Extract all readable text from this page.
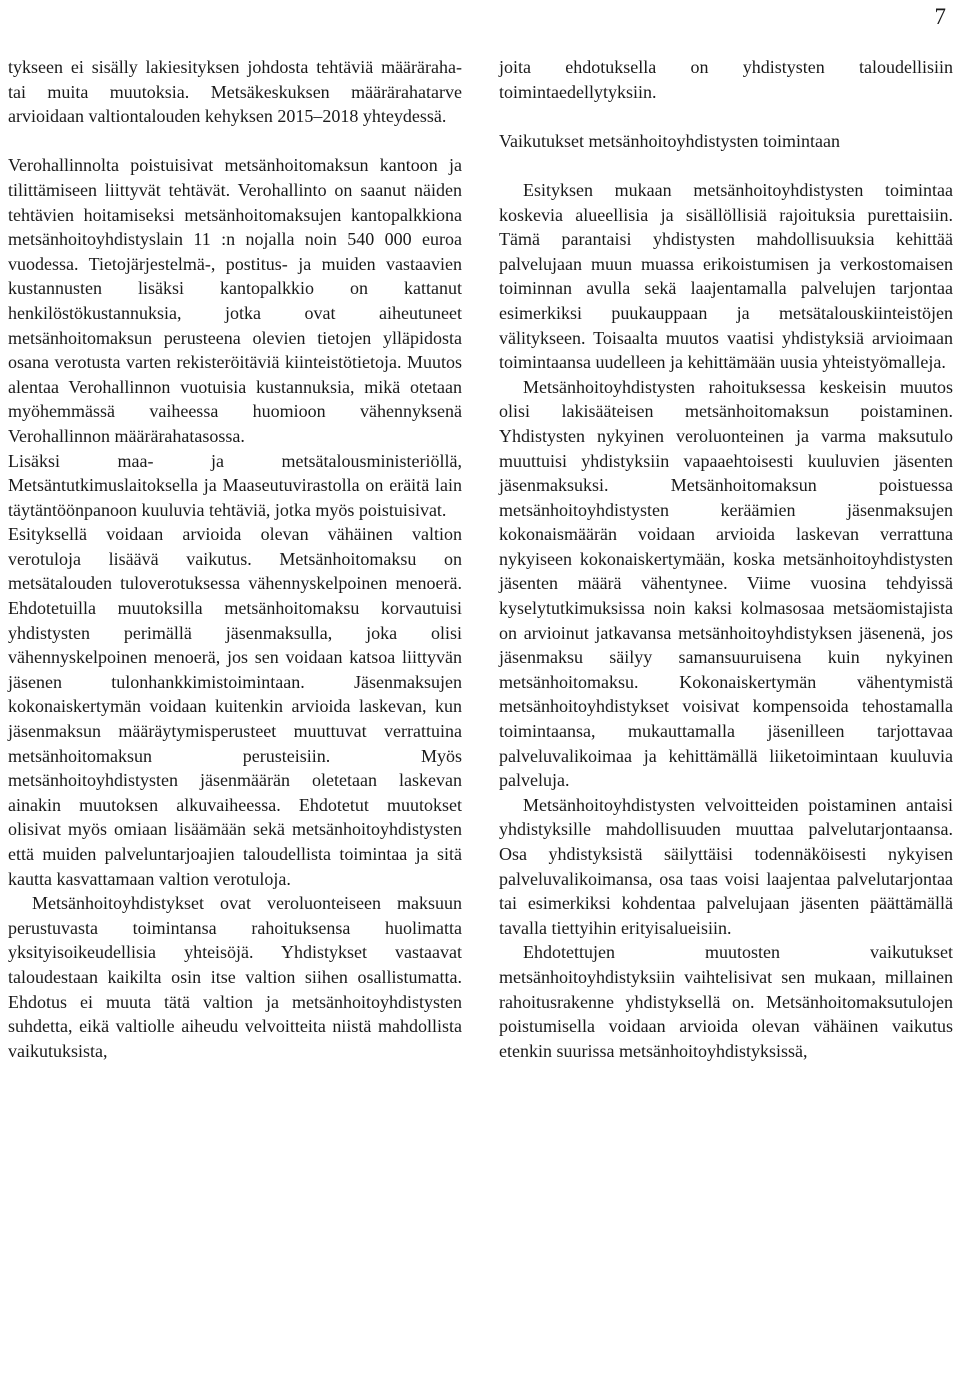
7

tykseen ei sisälly lakiesityksen johdosta tehtäviä määräraha- tai muita muutoksia. Metsäkeskuksen määrärahatarve arvioidaan valtiontalouden kehyksen 2015–2018 yhteydessä.

Verohallinnolta poistuisivat metsänhoitomaksun kantoon ja tilittämiseen liittyvät tehtävät. Verohallinto on saanut näiden tehtävien hoitamiseksi metsänhoitomaksujen kantopalkkiona metsänhoitoyhdistyslain 11 :n nojalla noin 540 000 euroa vuodessa. Tietojärjestelmä-, postitus- ja muiden vastaavien kustannusten lisäksi kantopalkkio on kattanut henkilöstökustannuksia, jotka ovat aiheutuneet metsänhoitomaksun perusteena olevien tietojen ylläpidosta osana verotusta varten rekisteröitäviä kiinteistötietoja. Muutos alentaa Verohallinnon vuotuisia kustannuksia, mikä otetaan myöhemmässä vaiheessa huomioon vähennyksenä Verohallinnon määrärahatasossa.

Lisäksi maa- ja metsätalousministeriöllä, Metsäntutkimuslaitoksella ja Maaseutuvirastolla on eräitä lain täytäntöönpanoon kuuluvia tehtäviä, jotka myös poistuisivat.

Esityksellä voidaan arvioida olevan vähäinen valtion verotuloja lisäävä vaikutus. Metsänhoitomaksu on metsätalouden tuloverotuksessa vähennyskelpoinen menoerä. Ehdotetuilla muutoksilla metsänhoitomaksu korvautuisi yhdistysten perimällä jäsenmaksulla, joka olisi vähennyskelpoinen menoerä, jos sen voidaan katsoa liittyvän jäsenen tulonhankkimistoimintaan. Jäsenmaksujen kokonaiskertymän voidaan kuitenkin arvioida laskevan, kun jäsenmaksun määräytymisperusteet muuttuvat verrattuina metsänhoitomaksun perusteisiin. Myös metsänhoitoyhdistysten jäsenmäärän oletetaan laskevan ainakin muutoksen alkuvaiheessa. Ehdotetut muutokset olisivat myös omiaan lisäämään sekä metsänhoitoyhdistysten että muiden palveluntarjoajien taloudellista toimintaa ja sitä kautta kasvattamaan valtion verotuloja.

Metsänhoitoyhdistykset ovat veroluonteiseen maksuun perustuvasta toimintansa rahoituksensa huolimatta yksityisoikeudellisia yhteisöjä. Yhdistykset vastaavat taloudestaan kaikilta osin itse valtion siihen osallistumatta. Ehdotus ei muuta tätä valtion ja metsänhoitoyhdistysten suhdetta, eikä valtiolle aiheudu velvoitteita niistä mahdollista vaikutuksista,

joita ehdotuksella on yhdistysten taloudellisiin toimintaedellytyksiin.

Vaikutukset metsänhoitoyhdistysten toimintaan

Esityksen mukaan metsänhoitoyhdistysten toimintaa koskevia alueellisia ja sisällöllisiä rajoituksia purettaisiin. Tämä parantaisi yhdistysten mahdollisuuksia kehittää palvelujaan muun muassa erikoistumisen ja verkostomaisen toiminnan avulla sekä laajentamalla palvelujen tarjontaa esimerkiksi puukauppaan ja metsätalouskiinteistöjen välitykseen. Toisaalta muutos vaatisi yhdistyksiä arvioimaan toimintaansa uudelleen ja kehittämään uusia yhteistyömalleja.

Metsänhoitoyhdistysten rahoituksessa keskeisin muutos olisi lakisääteisen metsänhoitomaksun poistaminen. Yhdistysten nykyinen veroluonteinen ja varma maksutulo muuttuisi yhdistyksiin vapaaehtoisesti kuuluvien jäsenten jäsenmaksuksi. Metsänhoitomaksun poistuessa metsänhoitoyhdistysten keräämien jäsenmaksujen kokonaismäärän voidaan arvioida laskevan verrattuna nykyiseen kokonaiskertymään, koska metsänhoitoyhdistysten jäsenten määrä vähentynee. Viime vuosina tehdyissä kyselytutkimuksissa noin kaksi kolmasosaa metsäomistajista on arvioinut jatkavansa metsänhoitoyhdistyksen jäsenenä, jos jäsenmaksu säilyy samansuuruisena kuin nykyinen metsänhoitomaksu. Kokonaiskertymän vähentymistä metsänhoitoyhdistykset voisivat kompensoida tehostamalla toimintaansa, mukauttamalla jäsenilleen tarjottavaa palveluvalikoimaa ja kehittämällä liiketoimintaan kuuluvia palveluja.

Metsänhoitoyhdistysten velvoitteiden poistaminen antaisi yhdistyksille mahdollisuuden muuttaa palvelutarjontaansa. Osa yhdistyksistä säilyttäisi todennäköisesti nykyisen palveluvalikoimansa, osa taas voisi laajentaa palvelutarjontaa tai esimerkiksi kohdentaa palvelujaan jäsenten päättämällä tavalla tiettyihin erityisalueisiin.

Ehdotettujen muutosten vaikutukset metsänhoitoyhdistyksiin vaihtelisivat sen mukaan, millainen rahoitusrakenne yhdistyksellä on. Metsänhoitomaksutulojen poistumisella voidaan arvioida olevan vähäinen vaikutus etenkin suurissa metsänhoitoyhdistyksissä,
